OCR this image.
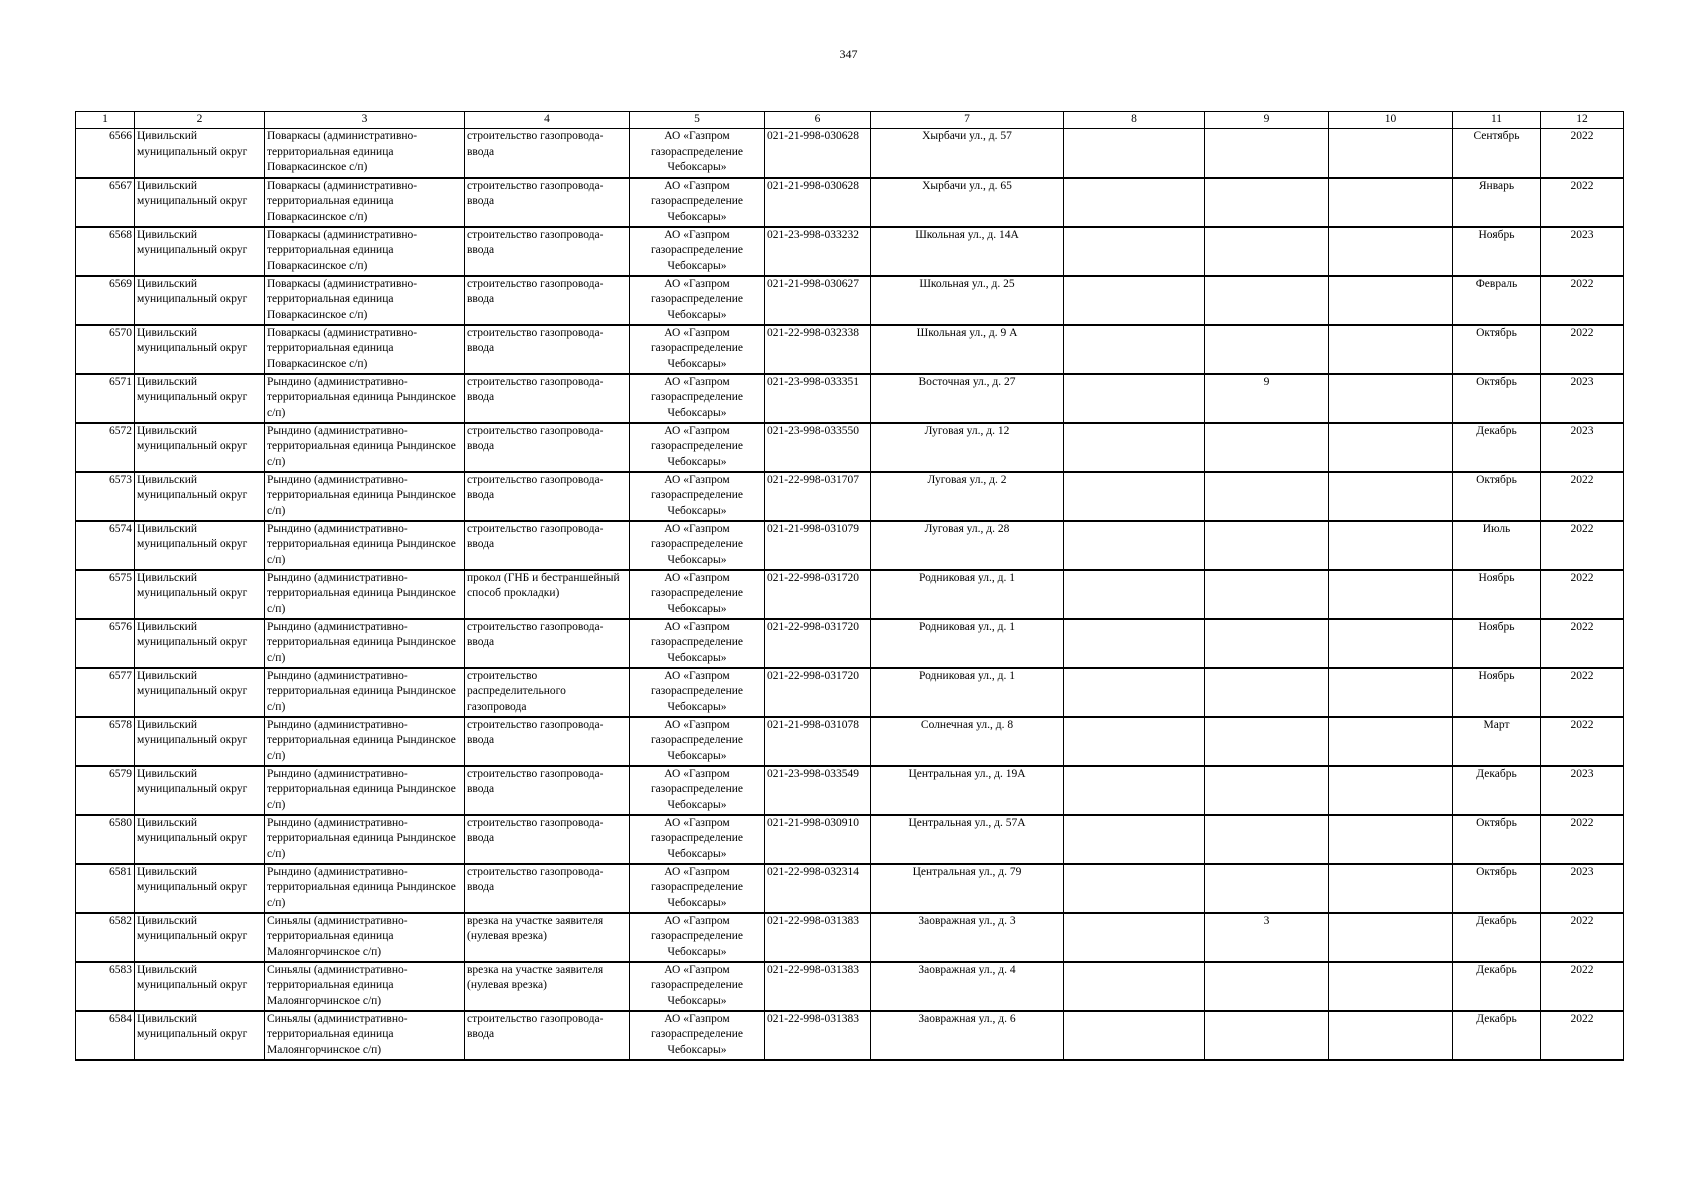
347
1	2	3	4	5	6	7	8	9	10	11	12
6566	Цивильский муниципальный округ	Поваркасы (административно-территориальная единица Поваркасинское с/п)	строительство газопровода-ввода	АО «Газпром газораспределение Чебоксары»	021-21-998-030628	Хырбачи ул., д. 57				Сентябрь	2022
6567	Цивильский муниципальный округ	Поваркасы (административно-территориальная единица Поваркасинское с/п)	строительство газопровода-ввода	АО «Газпром газораспределение Чебоксары»	021-21-998-030628	Хырбачи ул., д. 65				Январь	2022
6568	Цивильский муниципальный округ	Поваркасы (административно-территориальная единица Поваркасинское с/п)	строительство газопровода-ввода	АО «Газпром газораспределение Чебоксары»	021-23-998-033232	Школьная ул., д. 14А				Ноябрь	2023
6569	Цивильский муниципальный округ	Поваркасы (административно-территориальная единица Поваркасинское с/п)	строительство газопровода-ввода	АО «Газпром газораспределение Чебоксары»	021-21-998-030627	Школьная ул., д. 25				Февраль	2022
6570	Цивильский муниципальный округ	Поваркасы (административно-территориальная единица Поваркасинское с/п)	строительство газопровода-ввода	АО «Газпром газораспределение Чебоксары»	021-22-998-032338	Школьная ул., д. 9 А				Октябрь	2022
6571	Цивильский муниципальный округ	Рындино (административно-территориальная единица Рындинское с/п)	строительство газопровода-ввода	АО «Газпром газораспределение Чебоксары»	021-23-998-033351	Восточная ул., д. 27		9		Октябрь	2023
6572	Цивильский муниципальный округ	Рындино (административно-территориальная единица Рындинское с/п)	строительство газопровода-ввода	АО «Газпром газораспределение Чебоксары»	021-23-998-033550	Луговая ул., д. 12				Декабрь	2023
6573	Цивильский муниципальный округ	Рындино (административно-территориальная единица Рындинское с/п)	строительство газопровода-ввода	АО «Газпром газораспределение Чебоксары»	021-22-998-031707	Луговая ул., д. 2				Октябрь	2022
6574	Цивильский муниципальный округ	Рындино (административно-территориальная единица Рындинское с/п)	строительство газопровода-ввода	АО «Газпром газораспределение Чебоксары»	021-21-998-031079	Луговая ул., д. 28				Июль	2022
6575	Цивильский муниципальный округ	Рындино (административно-территориальная единица Рындинское с/п)	прокол (ГНБ и бестраншейный способ прокладки)	АО «Газпром газораспределение Чебоксары»	021-22-998-031720	Родниковая ул., д. 1				Ноябрь	2022
6576	Цивильский муниципальный округ	Рындино (административно-территориальная единица Рындинское с/п)	строительство газопровода-ввода	АО «Газпром газораспределение Чебоксары»	021-22-998-031720	Родниковая ул., д. 1				Ноябрь	2022
6577	Цивильский муниципальный округ	Рындино (административно-территориальная единица Рындинское с/п)	строительство распределительного газопровода	АО «Газпром газораспределение Чебоксары»	021-22-998-031720	Родниковая ул., д. 1				Ноябрь	2022
6578	Цивильский муниципальный округ	Рындино (административно-территориальная единица Рындинское с/п)	строительство газопровода-ввода	АО «Газпром газораспределение Чебоксары»	021-21-998-031078	Солнечная ул., д. 8				Март	2022
6579	Цивильский муниципальный округ	Рындино (административно-территориальная единица Рындинское с/п)	строительство газопровода-ввода	АО «Газпром газораспределение Чебоксары»	021-23-998-033549	Центральная ул., д. 19А				Декабрь	2023
6580	Цивильский муниципальный округ	Рындино (административно-территориальная единица Рындинское с/п)	строительство газопровода-ввода	АО «Газпром газораспределение Чебоксары»	021-21-998-030910	Центральная ул., д. 57А				Октябрь	2022
6581	Цивильский муниципальный округ	Рындино (административно-территориальная единица Рындинское с/п)	строительство газопровода-ввода	АО «Газпром газораспределение Чебоксары»	021-22-998-032314	Центральная ул., д. 79				Октябрь	2023
6582	Цивильский муниципальный округ	Синьялы (административно-территориальная единица Малоянгорчинское с/п)	врезка на участке заявителя (нулевая врезка)	АО «Газпром газораспределение Чебоксары»	021-22-998-031383	Заовражная ул., д. 3		3		Декабрь	2022
6583	Цивильский муниципальный округ	Синьялы (административно-территориальная единица Малоянгорчинское с/п)	врезка на участке заявителя (нулевая врезка)	АО «Газпром газораспределение Чебоксары»	021-22-998-031383	Заовражная ул., д. 4				Декабрь	2022
6584	Цивильский муниципальный округ	Синьялы (административно-территориальная единица Малоянгорчинское с/п)	строительство газопровода-ввода	АО «Газпром газораспределение Чебоксары»	021-22-998-031383	Заовражная ул., д. 6				Декабрь	2022
